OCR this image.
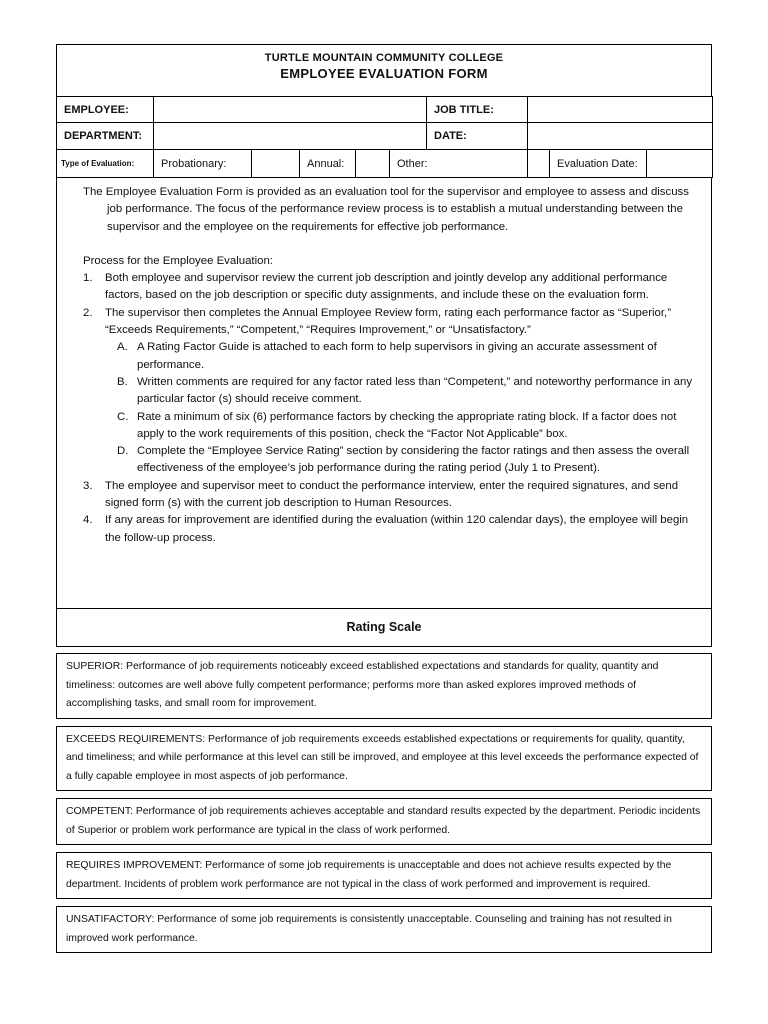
TURTLE MOUNTAIN COMMUNITY COLLEGE
EMPLOYEE EVALUATION FORM
EMPLOYEE:						JOB TITLE:			
DEPARTMENT:						DATE:			
Type of Evaluation:	Probationary:		Annual:		Other:			Evaluation Date:	

The Employee Evaluation Form is provided as an evaluation tool for the supervisor and employee to assess and discuss job performance. The focus of the performance review process is to establish a mutual understanding between the supervisor and the employee on the requirements for effective job performance.

Process for the Employee Evaluation:

1. Both employee and supervisor review the current job description and jointly develop any additional performance factors, based on the job description or specific duty assignments, and include these on the evaluation form.
2. The supervisor then completes the Annual Employee Review form, rating each performance factor as “Superior,” “Exceeds Requirements,” “Competent,” “Requires Improvement,” or “Unsatisfactory.”
A. A Rating Factor Guide is attached to each form to help supervisors in giving an accurate assessment of performance.
B. Written comments are required for any factor rated less than “Competent,” and noteworthy performance in any particular factor (s) should receive comment.
C. Rate a minimum of six (6) performance factors by checking the appropriate rating block. If a factor does not apply to the work requirements of this position, check the “Factor Not Applicable” box.
D. Complete the “Employee Service Rating” section by considering the factor ratings and then assess the overall effectiveness of the employee’s job performance during the rating period (July 1 to Present).
3. The employee and supervisor meet to conduct the performance interview, enter the required signatures, and send signed form (s) with the current job description to Human Resources.
4. If any areas for improvement are identified during the evaluation (within 120 calendar days), the employee will begin the follow-up process.
Rating Scale
SUPERIOR: Performance of job requirements noticeably exceed established expectations and standards for quality, quantity and timeliness: outcomes are well above fully competent performance; performs more than asked explores improved methods of accomplishing tasks, and small room for improvement.
EXCEEDS REQUIREMENTS: Performance of job requirements exceeds established expectations or requirements for quality, quantity, and timeliness; and while performance at this level can still be improved, and employee at this level exceeds the performance expected of a fully capable employee in most aspects of job performance.
COMPETENT: Performance of job requirements achieves acceptable and standard results expected by the department. Periodic incidents of Superior or problem work performance are typical in the class of work performed.
REQUIRES IMPROVEMENT: Performance of some job requirements is unacceptable and does not achieve results expected by the department. Incidents of problem work performance are not typical in the class of work performed and improvement is required.
UNSATIFACTORY: Performance of some job requirements is consistently unacceptable. Counseling and training has not resulted in improved work performance.
